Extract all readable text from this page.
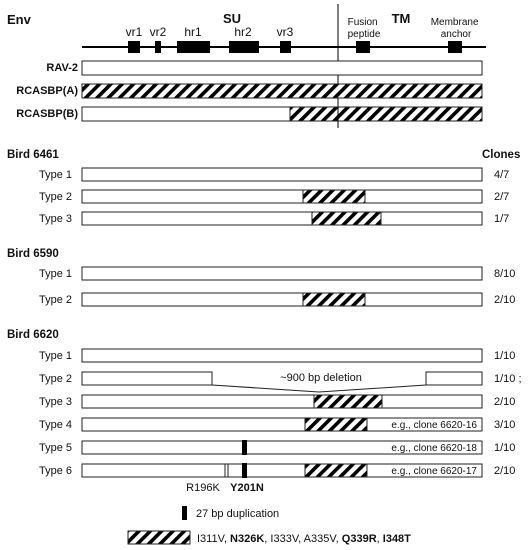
Env	SU	TM
vr1 vr2 hr1	hr2 vr3
Fusion peptide
Membrane anchor
RAV-2
RCASBP(A)
RCASBP(B)
Bird 6461	Clones
Type 1	4/7
Type 2	2/7
Type 3	1/7
Bird 6590
Type 1	8/10
Type 2	2/10
Bird 6620
Type 1	1/10
Type 2	~900 bp deletion	1/10 ;
Type 3	2/10
Type 4	e.g., clone 6620-16 3/10
Type 5	e.g., clone 6620-18 1/10
Type 6	e.g., clone 6620-17 2/10
R196K Y201N
27 bp duplication
I311V, N326K, I333V, A335V, Q339R, I348T
